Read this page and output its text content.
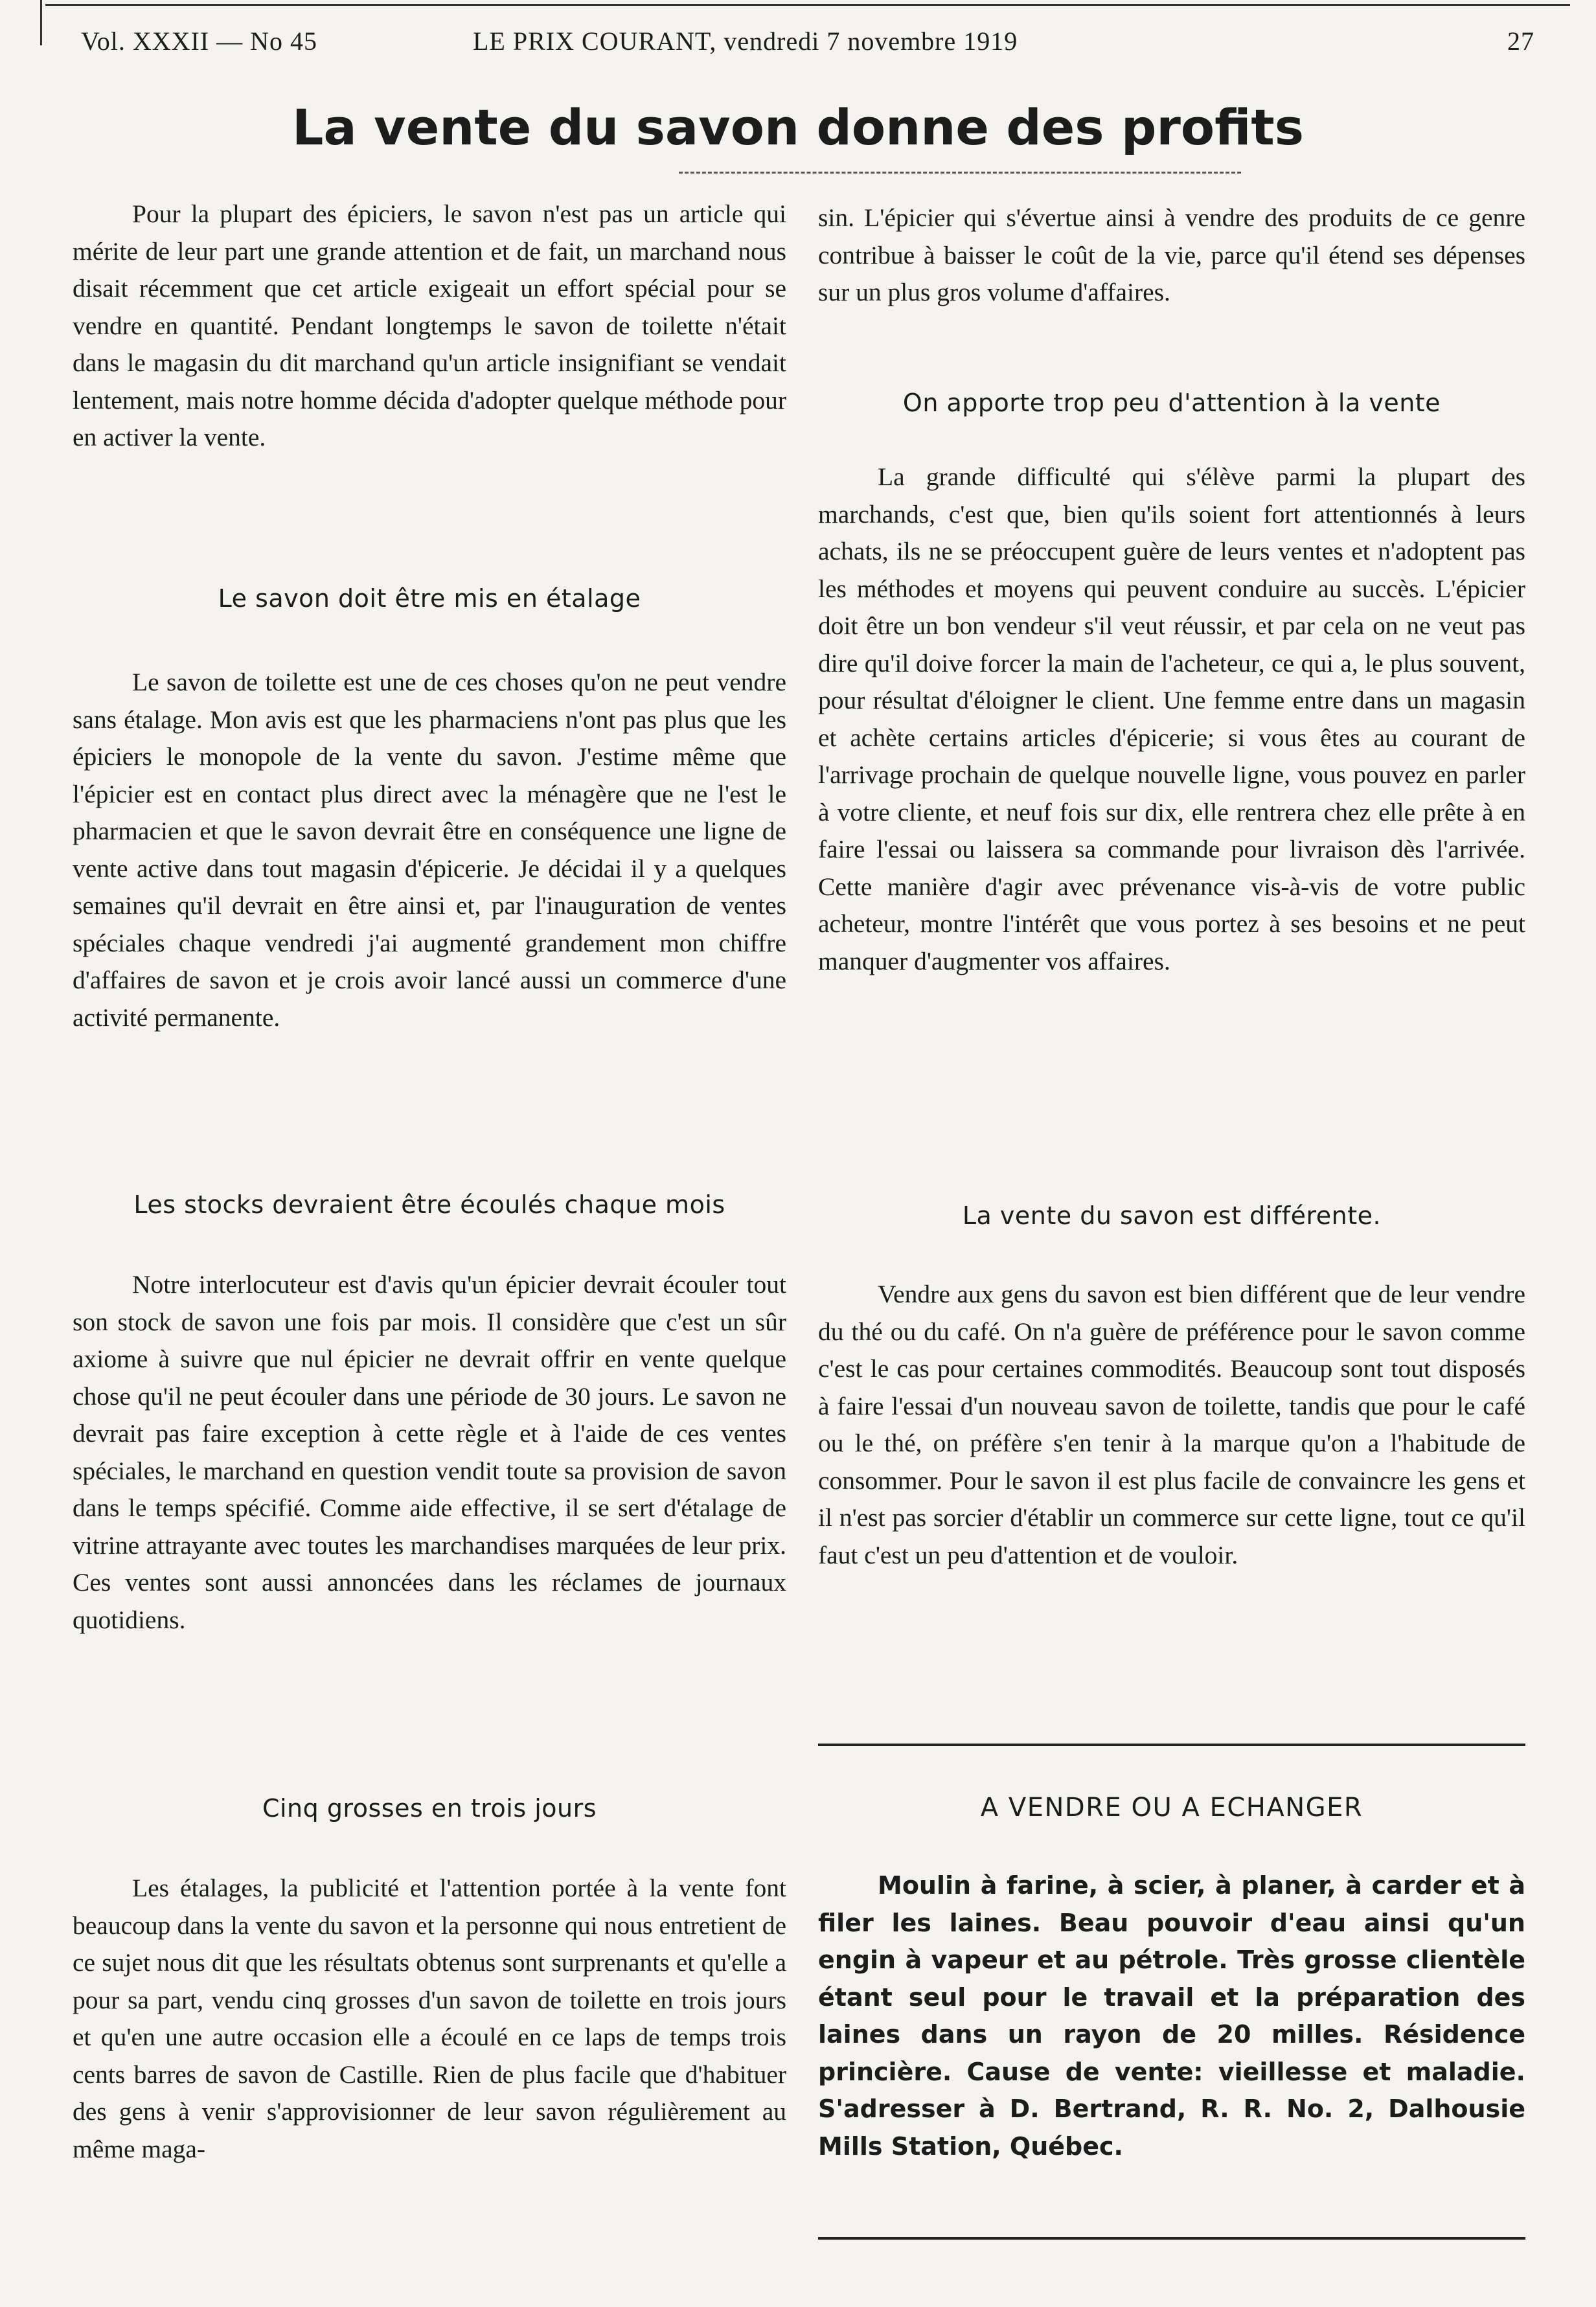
Vol. XXXII — No 45	LE PRIX COURANT, vendredi 7 novembre 1919	27
La vente du savon donne des profits

Pour la plupart des épiciers, le savon n'est pas un article qui mérite de leur part une grande attention et de fait, un marchand nous disait récemment que cet article exigeait un effort spécial pour se vendre en quantité. Pendant longtemps le savon de toilette n'était dans le magasin du dit marchand qu'un article insignifiant se vendait lentement, mais notre homme décida d'adopter quelque méthode pour en activer la vente.

Le savon doit être mis en étalage

Le savon de toilette est une de ces choses qu'on ne peut vendre sans étalage. Mon avis est que les pharmaciens n'ont pas plus que les épiciers le monopole de la vente du savon. J'estime même que l'épicier est en contact plus direct avec la ménagère que ne l'est le pharmacien et que le savon devrait être en conséquence une ligne de vente active dans tout magasin d'épicerie. Je décidai il y a quelques semaines qu'il devrait en être ainsi et, par l'inauguration de ventes spéciales chaque vendredi j'ai augmenté grandement mon chiffre d'affaires de savon et je crois avoir lancé aussi un commerce d'une activité permanente.

Les stocks devraient être écoulés chaque mois

Notre interlocuteur est d'avis qu'un épicier devrait écouler tout son stock de savon une fois par mois. Il considère que c'est un sûr axiome à suivre que nul épicier ne devrait offrir en vente quelque chose qu'il ne peut écouler dans une période de 30 jours. Le savon ne devrait pas faire exception à cette règle et à l'aide de ces ventes spéciales, le marchand en question vendit toute sa provision de savon dans le temps spécifié. Comme aide effective, il se sert d'étalage de vitrine attrayante avec toutes les marchandises marquées de leur prix. Ces ventes sont aussi annoncées dans les réclames de journaux quotidiens.

Cinq grosses en trois jours

Les étalages, la publicité et l'attention portée à la vente font beaucoup dans la vente du savon et la personne qui nous entretient de ce sujet nous dit que les résultats obtenus sont surprenants et qu'elle a pour sa part, vendu cinq grosses d'un savon de toilette en trois jours et qu'en une autre occasion elle a écoulé en ce laps de temps trois cents barres de savon de Castille. Rien de plus facile que d'habituer des gens à venir s'approvisionner de leur savon régulièrement au même maga-

sin. L'épicier qui s'évertue ainsi à vendre des produits de ce genre contribue à baisser le coût de la vie, parce qu'il étend ses dépenses sur un plus gros volume d'affaires.

On apporte trop peu d'attention à la vente

La grande difficulté qui s'élève parmi la plupart des marchands, c'est que, bien qu'ils soient fort attentionnés à leurs achats, ils ne se préoccupent guère de leurs ventes et n'adoptent pas les méthodes et moyens qui peuvent conduire au succès. L'épicier doit être un bon vendeur s'il veut réussir, et par cela on ne veut pas dire qu'il doive forcer la main de l'acheteur, ce qui a, le plus souvent, pour résultat d'éloigner le client. Une femme entre dans un magasin et achète certains articles d'épicerie; si vous êtes au courant de l'arrivage prochain de quelque nouvelle ligne, vous pouvez en parler à votre cliente, et neuf fois sur dix, elle rentrera chez elle prête à en faire l'essai ou laissera sa commande pour livraison dès l'arrivée. Cette manière d'agir avec prévenance vis-à-vis de votre public acheteur, montre l'intérêt que vous portez à ses besoins et ne peut manquer d'augmenter vos affaires.

La vente du savon est différente.

Vendre aux gens du savon est bien différent que de leur vendre du thé ou du café. On n'a guère de préférence pour le savon comme c'est le cas pour certaines commodités. Beaucoup sont tout disposés à faire l'essai d'un nouveau savon de toilette, tandis que pour le café ou le thé, on préfère s'en tenir à la marque qu'on a l'habitude de consommer. Pour le savon il est plus facile de convaincre les gens et il n'est pas sorcier d'établir un commerce sur cette ligne, tout ce qu'il faut c'est un peu d'attention et de vouloir.

A VENDRE OU A ECHANGER

Moulin à farine, à scier, à planer, à carder et à filer les laines. Beau pouvoir d'eau ainsi qu'un engin à vapeur et au pétrole. Très grosse clientèle étant seul pour le travail et la préparation des laines dans un rayon de 20 milles. Résidence princière. Cause de vente: vieillesse et maladie. S'adresser à D. Bertrand, R. R. No. 2, Dalhousie Mills Station, Québec.
